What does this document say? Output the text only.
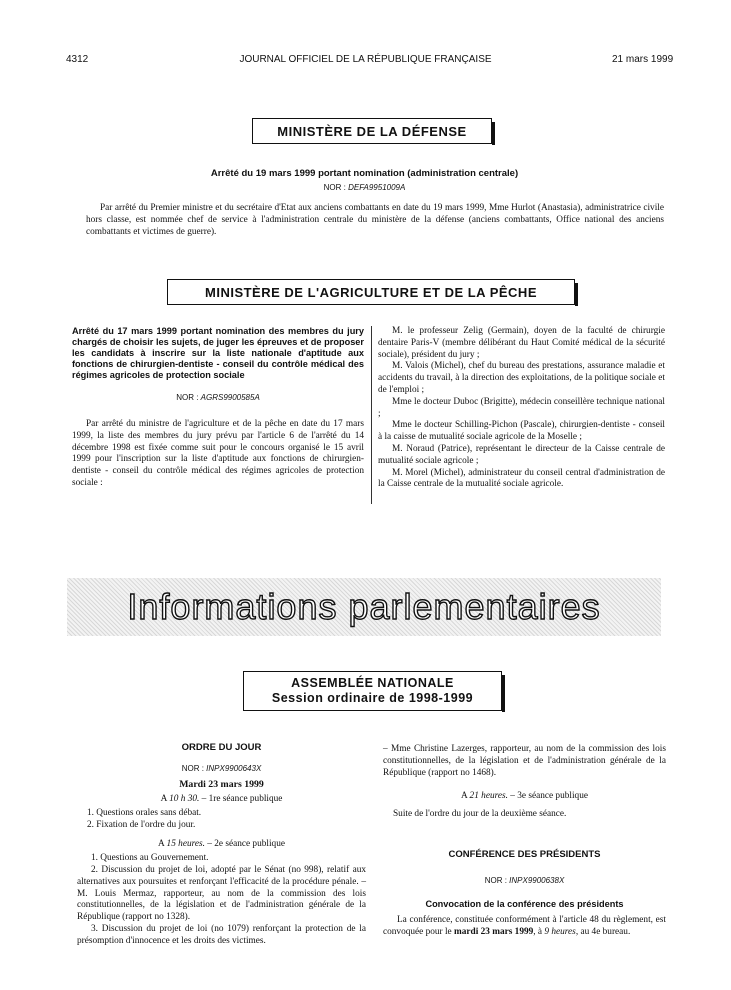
4312	JOURNAL OFFICIEL DE LA RÉPUBLIQUE FRANÇAISE	21 mars 1999
MINISTÈRE DE LA DÉFENSE
Arrêté du 19 mars 1999 portant nomination (administration centrale)
NOR : DEFA9951009A

Par arrêté du Premier ministre et du secrétaire d'Etat aux anciens combattants en date du 19 mars 1999, Mme Hurlot (Anastasia), administratrice civile hors classe, est nommée chef de service à l'administration centrale du ministère de la défense (anciens combattants, Office national des anciens combattants et victimes de guerre).

MINISTÈRE DE L'AGRICULTURE ET DE LA PÊCHE
Arrêté du 17 mars 1999 portant nomination des membres du jury chargés de choisir les sujets, de juger les épreuves et de proposer les candidats à inscrire sur la liste nationale d'aptitude aux fonctions de chirurgien-dentiste - conseil du contrôle médical des régimes agricoles de protection sociale
NOR : AGRS9900585A

Par arrêté du ministre de l'agriculture et de la pêche en date du 17 mars 1999, la liste des membres du jury prévu par l'article 6 de l'arrêté du 14 décembre 1998 est fixée comme suit pour le concours organisé le 15 avril 1999 pour l'inscription sur la liste d'aptitude aux fonctions de chirurgien-dentiste - conseil du contrôle médical des régimes agricoles de protection sociale :

M. le professeur Zelig (Germain), doyen de la faculté de chirurgie dentaire Paris-V (membre délibérant du Haut Comité médical de la sécurité sociale), président du jury ;

M. Valois (Michel), chef du bureau des prestations, assurance maladie et accidents du travail, à la direction des exploitations, de la politique sociale et de l'emploi ;

Mme le docteur Duboc (Brigitte), médecin conseillère technique national ;

Mme le docteur Schilling-Pichon (Pascale), chirurgien-dentiste - conseil à la caisse de mutualité sociale agricole de la Moselle ;

M. Noraud (Patrice), représentant le directeur de la Caisse centrale de mutualité sociale agricole ;

M. Morel (Michel), administrateur du conseil central d'administration de la Caisse centrale de la mutualité sociale agricole.

Informations parlementaires
ASSEMBLÉE NATIONALE
Session ordinaire de 1998-1999
ORDRE DU JOUR
NOR : INPX9900643X
Mardi 23 mars 1999
A 10 h 30. – 1re séance publique
1. Questions orales sans débat.
2. Fixation de l'ordre du jour.
A 15 heures. – 2e séance publique

1. Questions au Gouvernement.

2. Discussion du projet de loi, adopté par le Sénat (no 998), relatif aux alternatives aux poursuites et renforçant l'efficacité de la procédure pénale. – M. Louis Mermaz, rapporteur, au nom de la commission des lois constitutionnelles, de la législation et de l'administration générale de la République (rapport no 1328).

3. Discussion du projet de loi (no 1079) renforçant la protection de la présomption d'innocence et les droits des victimes.

– Mme Christine Lazerges, rapporteur, au nom de la commission des lois constitutionnelles, de la législation et de l'administration générale de la République (rapport no 1468).

A 21 heures. – 3e séance publique
Suite de l'ordre du jour de la deuxième séance.
CONFÉRENCE DES PRÉSIDENTS
NOR : INPX9900638X
Convocation de la conférence des présidents

La conférence, constituée conformément à l'article 48 du règlement, est convoquée pour le mardi 23 mars 1999, à 9 heures, au 4e bureau.
